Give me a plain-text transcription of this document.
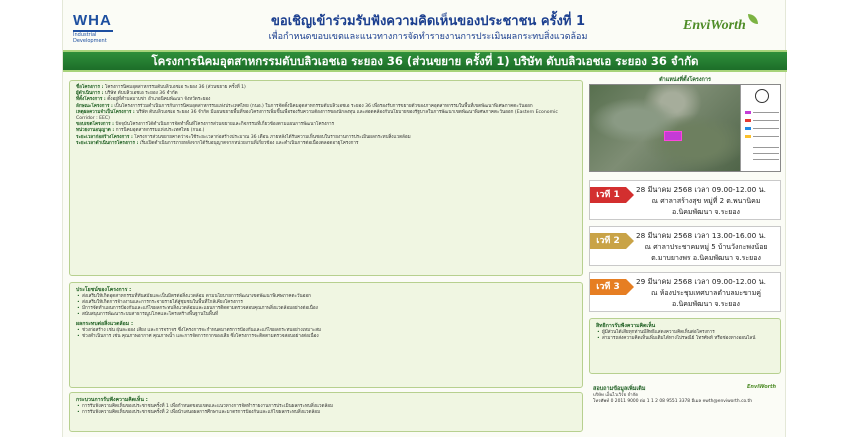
WHA
Industrial Development
ขอเชิญเข้าร่วมรับฟังความคิดเห็นของประชาชน ครั้งที่ 1
เพื่อกำหนดขอบเขตและแนวทางการจัดทำรายงานการประเมินผลกระทบสิ่งแวดล้อม
EnviWorth
โครงการนิคมอุตสาหกรรมดับบลิวเอชเอ ระยอง 36 (ส่วนขยาย ครั้งที่ 1) บริษัท ดับบลิวเอชเอ ระยอง 36 จำกัด
ชื่อโครงการ : โครงการนิคมอุตสาหกรรมดับบลิวเอชเอ ระยอง 36 (ส่วนขยาย ครั้งที่ 1)
ผู้ดำเนินการ : บริษัท ดับบลิวเอชเอ ระยอง 36 จำกัด
ที่ตั้งโครงการ : ตั้งอยู่ที่ตำบลมาบข่า อำเภอนิคมพัฒนา จังหวัดระยอง
ลักษณะโครงการ : เป็นโครงการร่วมดำเนินการกับการนิคมอุตสาหกรรมแห่งประเทศไทย (กนอ.) ในการจัดตั้งนิคมอุตสาหกรรมดับบลิวเอชเอ ระยอง 36 เพื่อรองรับการขยายตัวของภาคอุตสาหกรรมในพื้นที่เขตพัฒนาพิเศษภาคตะวันออก
เหตุผลความจำเป็นโครงการ : บริษัท ดับบลิวเอชเอ ระยอง 36 จำกัด มีแผนขยายพื้นที่ของโครงการเพิ่มขึ้นเพื่อรองรับความต้องการของนักลงทุน และสอดคล้องกับนโยบายของรัฐบาลในการพัฒนาเขตพัฒนาพิเศษภาคตะวันออก (Eastern Economic Corridor : EEC)
ขอบเขตโครงการ : ปัจจุบันโครงการได้ดำเนินการจัดทำพื้นที่โครงการส่วนขยายและกิจกรรมที่เกี่ยวข้องตามแผนการพัฒนาโครงการ
หน่วยงานอนุญาต : การนิคมอุตสาหกรรมแห่งประเทศไทย (กนอ.)
ระยะเวลาก่อสร้างโครงการ : โครงการส่วนขยายคาดว่าจะใช้ระยะเวลาก่อสร้างประมาณ 36 เดือน ภายหลังได้รับความเห็นชอบในรายงานการประเมินผลกระทบสิ่งแวดล้อม
ระยะเวลาดำเนินการโครงการ : เริ่มเปิดดำเนินการภายหลังจากได้รับอนุญาตจากหน่วยงานที่เกี่ยวข้อง และดำเนินการต่อเนื่องตลอดอายุโครงการ
ตำแหน่งที่ตั้งโครงการ
เวที 1
28 มีนาคม 2568 เวลา 09.00-12.00 น.
ณ ศาลาสร้างสุข หมู่ที่ 2 ต.พนานิคม
อ.นิคมพัฒนา จ.ระยอง
เวที 2
28 มีนาคม 2568 เวลา 13.00-16.00 น.
ณ ศาลาประชาคมหมู่ 5 บ้านวังกะพงน้อย
ต.มาบยางพร อ.นิคมพัฒนา จ.ระยอง
เวที 3
29 มีนาคม 2568 เวลา 09.00-12.00 น.
ณ ห้องประชุมเทศบาลตำบลมะขามคู่
อ.นิคมพัฒนา จ.ระยอง
ประโยชน์ของโครงการ :
• ส่งเสริมให้เกิดอุตสาหกรรมที่ทันสมัยและเป็นมิตรต่อสิ่งแวดล้อม ตามนโยบายการพัฒนาเขตพัฒนาพิเศษภาคตะวันออก
• ส่งเสริมให้เกิดการจ้างงานและการกระจายรายได้สู่ชุมชนในพื้นที่ใกล้เคียงโครงการ
• มีการจัดทำแผนการป้องกันและแก้ไขผลกระทบสิ่งแวดล้อมและแผนการติดตามตรวจสอบคุณภาพสิ่งแวดล้อมอย่างต่อเนื่อง
• สนับสนุนการพัฒนาระบบสาธารณูปโภคและโครงสร้างพื้นฐานในพื้นที่
ผลกระทบต่อสิ่งแวดล้อม :
• ช่วงก่อสร้าง เช่น ฝุ่นละออง เสียง และการจราจร ซึ่งโครงการจะกำหนดมาตรการป้องกันและแก้ไขผลกระทบอย่างเหมาะสม
• ช่วงดำเนินการ เช่น คุณภาพอากาศ คุณภาพน้ำ และการจัดการกากของเสีย ซึ่งโครงการจะติดตามตรวจสอบอย่างต่อเนื่อง
กระบวนการรับฟังความคิดเห็น :
• การรับฟังความคิดเห็นของประชาชนครั้งที่ 1 เพื่อกำหนดขอบเขตและแนวทางการจัดทำรายงานการประเมินผลกระทบสิ่งแวดล้อม
• การรับฟังความคิดเห็นของประชาชนครั้งที่ 2 เพื่อนำเสนอผลการศึกษาและมาตรการป้องกันและแก้ไขผลกระทบสิ่งแวดล้อม
สิทธิการรับฟังความคิดเห็น
• ผู้มีส่วนได้เสียทุกท่านมีสิทธิแสดงความคิดเห็นต่อโครงการ
• สามารถส่งความคิดเห็นเพิ่มเติมได้ทางไปรษณีย์ โทรศัพท์ หรือช่องทางออนไลน์
EnviWorth
สอบถามข้อมูลเพิ่มเติม
บริษัท เอ็นไวเวิร์ธ จำกัด
โทรศัพท์ 0 2011 9000 ต่อ 1 1 2 08 9551 3378 อีเมล ewth@enviworth.co.th
